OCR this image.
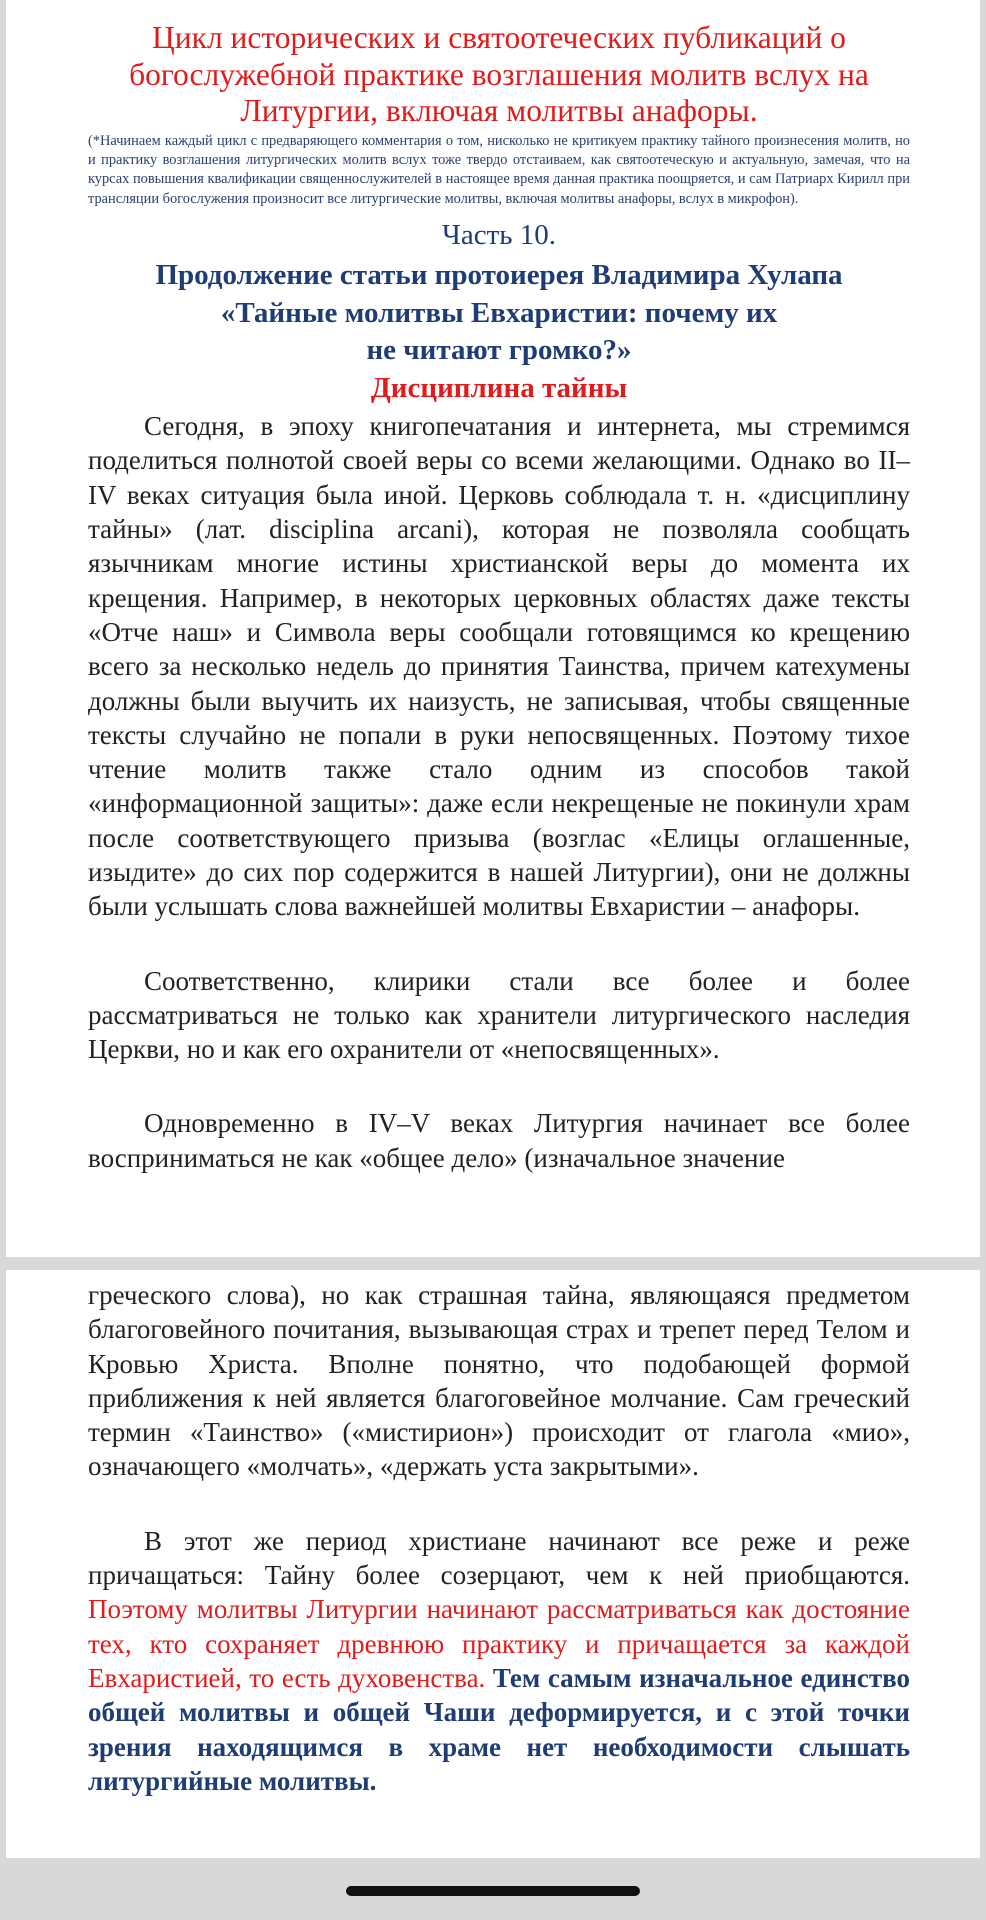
Цикл исторических и святоотеческих публикаций о
богослужебной практике возглашения молитв вслух на
Литургии, включая молитвы анафоры.

(*Начинаем каждый цикл с предваряющего комментария о том, нисколько не критикуем практику тайного произнесения молитв, но и практику возглашения литургических молитв вслух тоже твердо отстаиваем, как святоотеческую и актуальную, замечая, что на курсах повышения квалификации священнослужителей в настоящее время данная практика поощряется, и сам Патриарх Кирилл при трансляции богослужения произносит все литургические молитвы, включая молитвы анафоры, вслух в микрофон).

Часть 10.
Продолжение статьи протоиерея Владимира Хулапа
«Тайные молитвы Евхаристии: почему их
не читают громко?»
Дисциплина тайны

Сегодня, в эпоху книгопечатания и интернета, мы стремимся поделиться полнотой своей веры со всеми желающими. Однако во II–IV веках ситуация была иной. Церковь соблюдала т. н. «дисциплину тайны» (лат. disciplina arcani), которая не позволяла сообщать язычникам многие истины христианской веры до момента их крещения. Например, в некоторых церковных областях даже тексты «Отче наш» и Символа веры сообщали готовящимся ко крещению всего за несколько недель до принятия Таинства, причем катехумены должны были выучить их наизусть, не записывая, чтобы священные тексты случайно не попали в руки непосвященных. Поэтому тихое чтение молитв также стало одним из способов такой «информационной защиты»: даже если некрещеные не покинули храм после соответствующего призыва (возглас «Елицы оглашенные, изыдите» до сих пор содержится в нашей Литургии), они не должны были услышать слова важнейшей молитвы Евхаристии – анафоры.

Соответственно, клирики стали все более и более рассматриваться не только как хранители литургического наследия Церкви, но и как его охранители от «непосвященных».

Одновременно в IV–V веках Литургия начинает все более восприниматься не как «общее дело» (изначальное значение

греческого слова), но как страшная тайна, являющаяся предметом благоговейного почитания, вызывающая страх и трепет перед Телом и Кровью Христа. Вполне понятно, что подобающей формой приближения к ней является благоговейное молчание. Сам греческий термин «Таинство» («мистирион») происходит от глагола «мио», означающего «молчать», «держать уста закрытыми».

В этот же период христиане начинают все реже и реже причащаться: Тайну более созерцают, чем к ней приобщаются. Поэтому молитвы Литургии начинают рассматриваться как достояние тех, кто сохраняет древнюю практику и причащается за каждой Евхаристией, то есть духовенства. Тем самым изначальное единство общей молитвы и общей Чаши деформируется, и с этой точки зрения находящимся в храме нет необходимости слышать литургийные молитвы.
